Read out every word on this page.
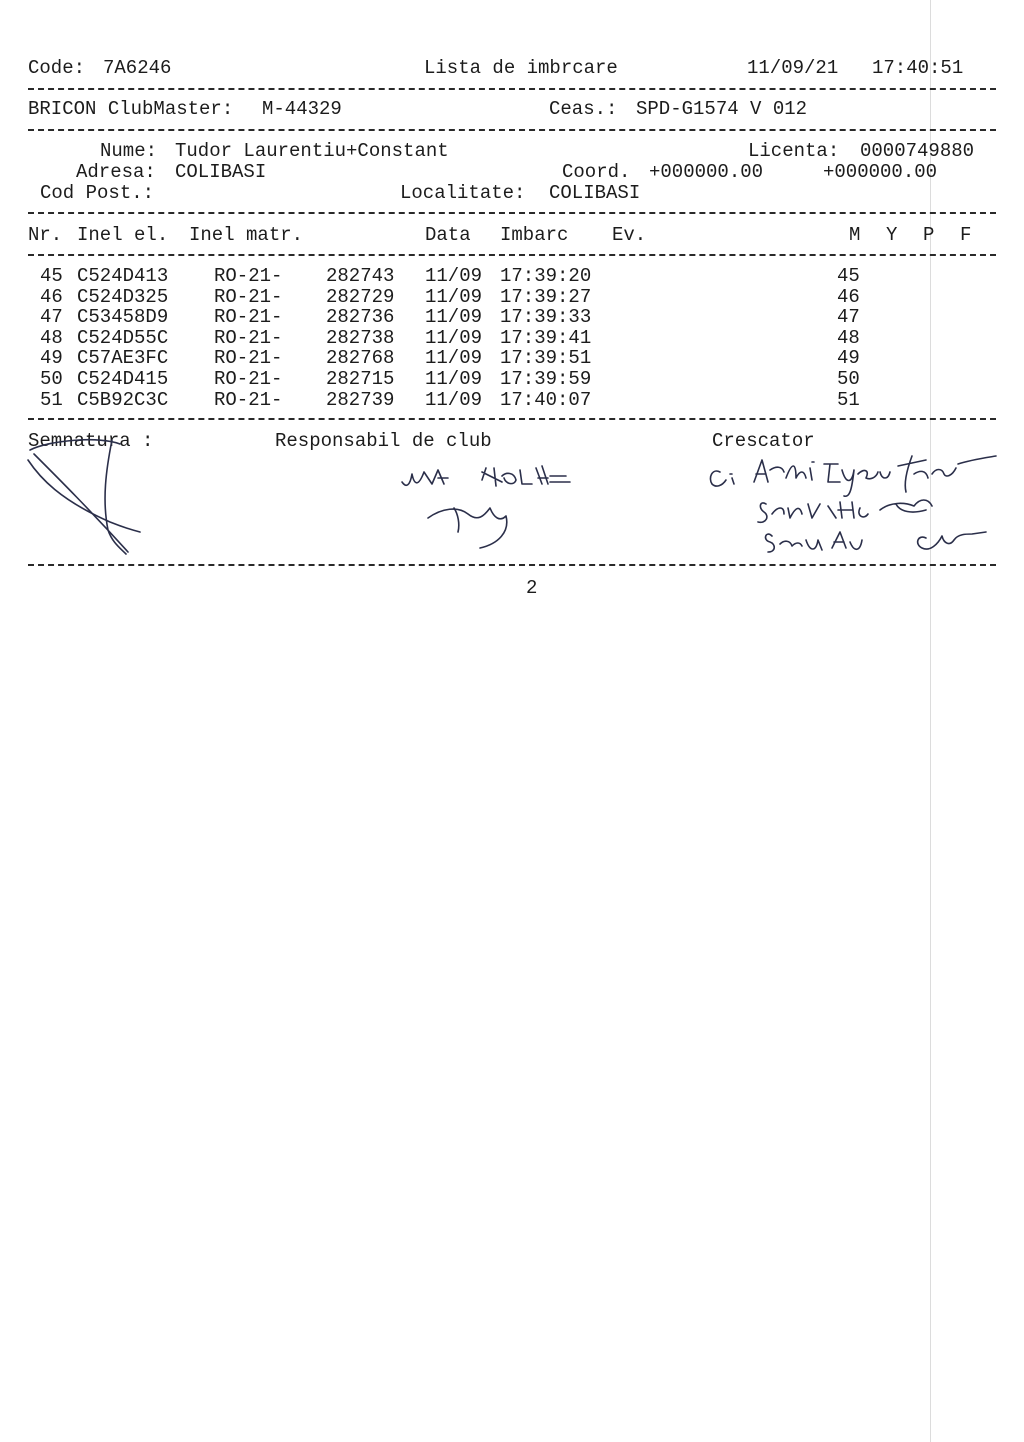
Code: 7A6246	Lista de imbrcare	11/09/21 17:40:51
BRICON ClubMaster: M-44329	Ceas.: SPD-G1574 V 012
Nume: Tudor Laurentiu+Constant	Licenta: 0000749880
Adresa: COLIBASI	Coord. +000000.00	+000000.00
Cod Post.:	Localitate: COLIBASI
Nr. Inel el. Inel matr.	Data Imbarc Ev.	M Y P F
45 C524D413 RO-21- 282743 11/09 17:39:20	45
46 C524D325 RO-21- 282729 11/09 17:39:27	46
47 C53458D9 RO-21- 282736 11/09 17:39:33	47
48 C524D55C RO-21- 282738 11/09 17:39:41	48
49 C57AE3FC RO-21- 282768 11/09 17:39:51	49
50 C524D415 RO-21- 282715 11/09 17:39:59	50
51 C5B92C3C RO-21- 282739 11/09 17:40:07	51
Semnatura :	Responsabil de club	Crescator
2
